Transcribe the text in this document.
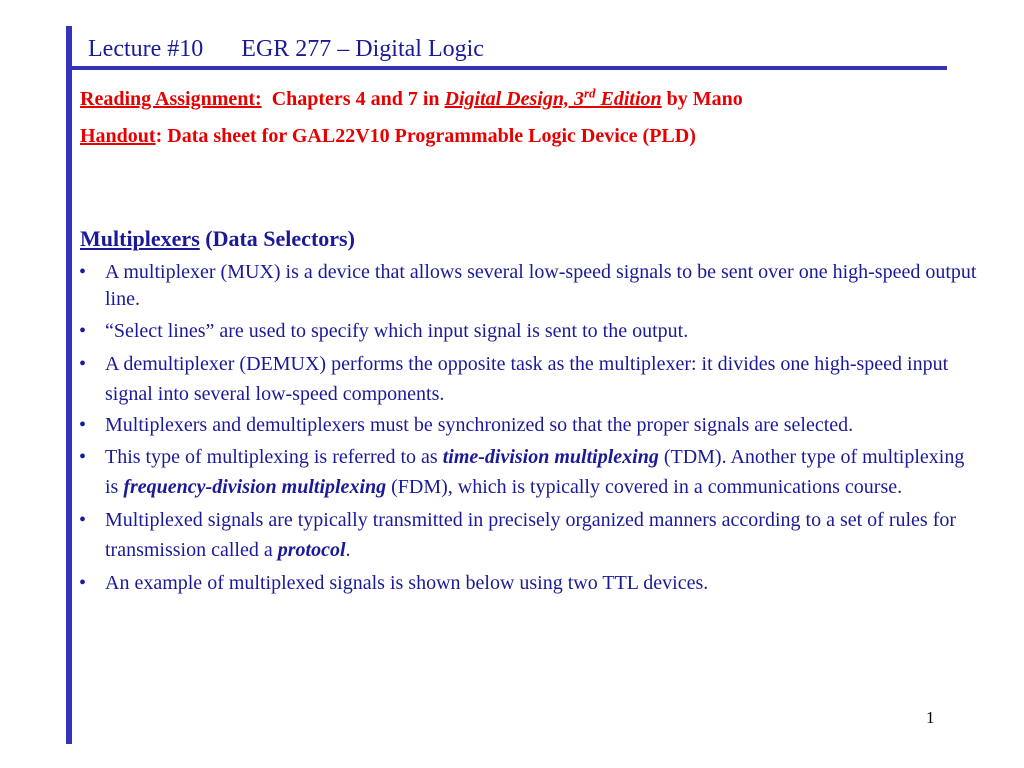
Lecture #10 EGR 277 – Digital Logic
Reading Assignment: Chapters 4 and 7 in Digital Design, 3rd Edition by Mano
Handout: Data sheet for GAL22V10 Programmable Logic Device (PLD)
Multiplexers (Data Selectors)
• A multiplexer (MUX) is a device that allows several low-speed signals to be sent over one high-speed output line.
• “Select lines” are used to specify which input signal is sent to the output.
• A demultiplexer (DEMUX) performs the opposite task as the multiplexer: it divides one high-speed input signal into several low-speed components.
• Multiplexers and demultiplexers must be synchronized so that the proper signals are selected.
• This type of multiplexing is referred to as time-division multiplexing (TDM). Another type of multiplexing is frequency-division multiplexing (FDM), which is typically covered in a communications course.
• Multiplexed signals are typically transmitted in precisely organized manners according to a set of rules for transmission called a protocol.
• An example of multiplexed signals is shown below using two TTL devices.
1
